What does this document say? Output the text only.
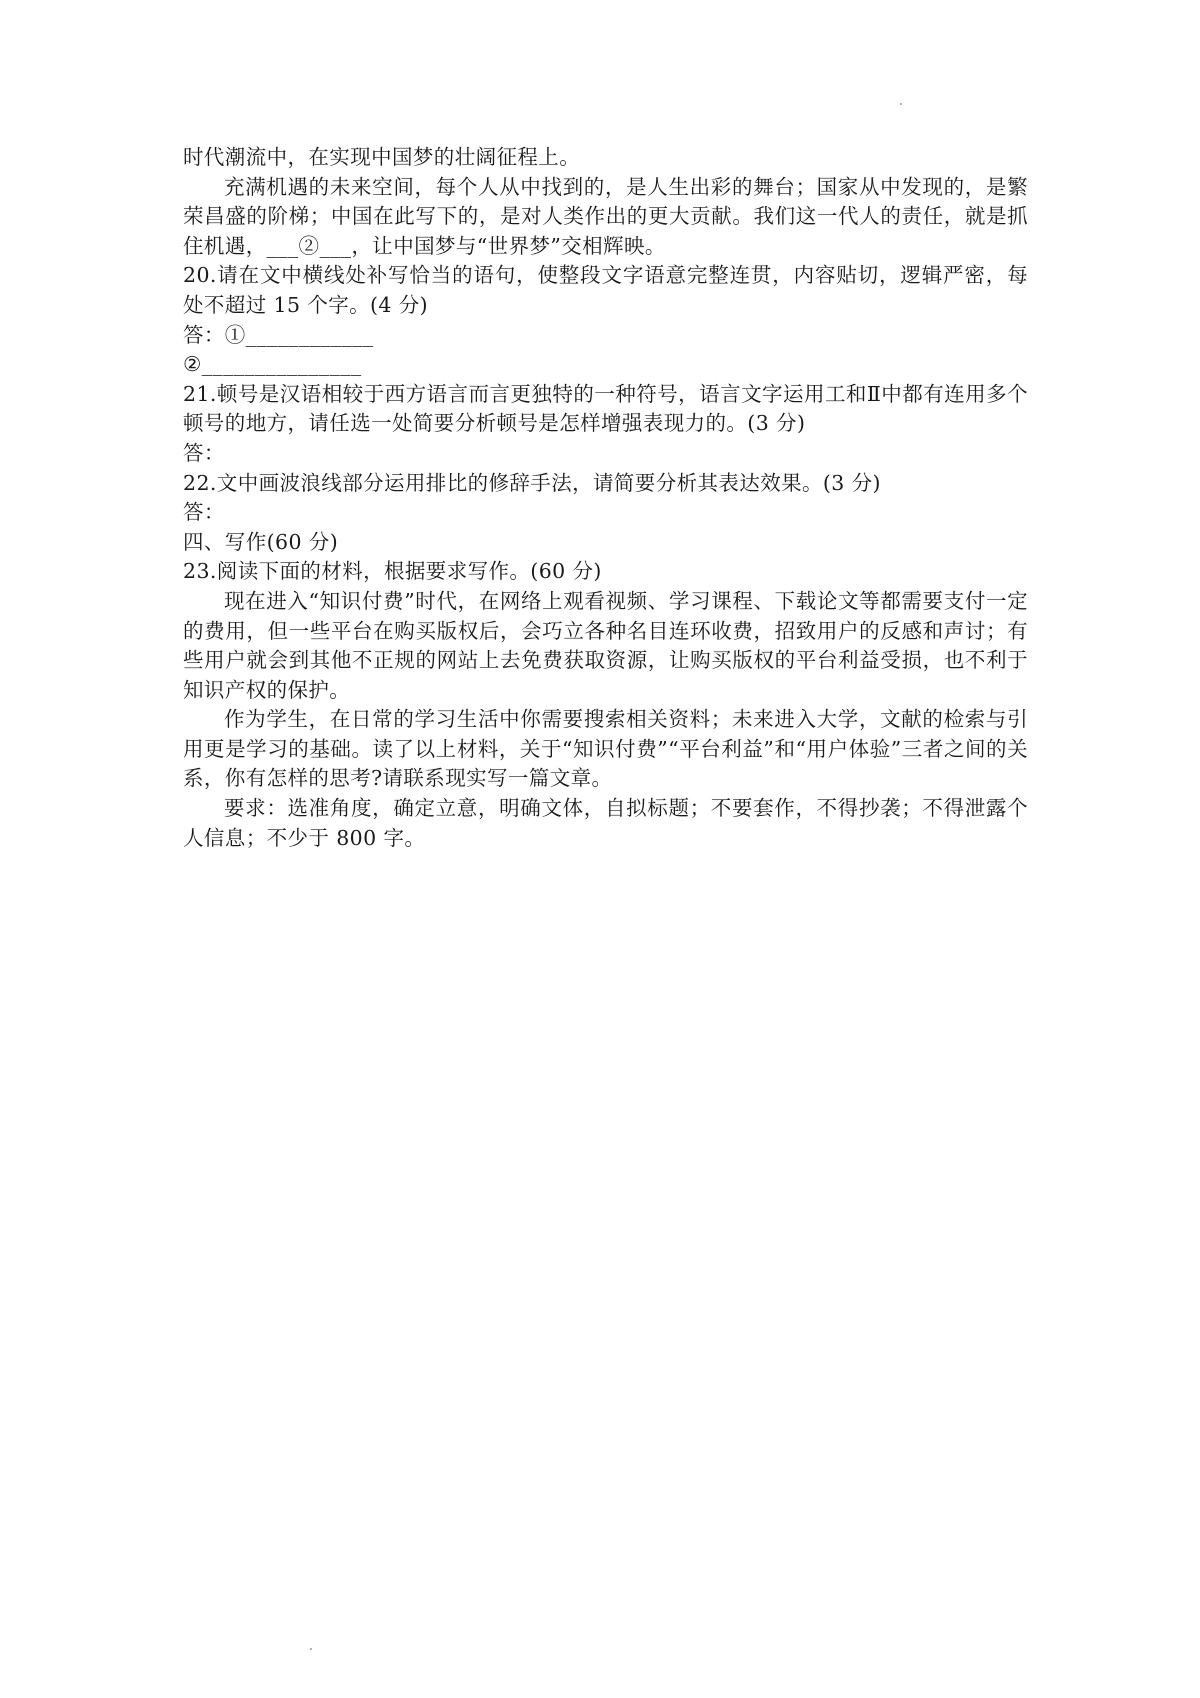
时代潮流中，在实现中国梦的壮阔征程上。

充满机遇的未来空间，每个人从中找到的，是人生出彩的舞台；国家从中发现的，是繁荣昌盛的阶梯；中国在此写下的，是对人类作出的更大贡献。我们这一代人的责任，就是抓住机遇，___②___，让中国梦与“世界梦”交相辉映。

20.请在文中横线处补写恰当的语句，使整段文字语意完整连贯，内容贴切，逻辑严密，每处不超过 15 个字。(4 分)

答：①____________

②_______________

21.顿号是汉语相较于西方语言而言更独特的一种符号，语言文字运用工和Ⅱ中都有连用多个顿号的地方，请任选一处简要分析顿号是怎样增强表现力的。(3 分)

答：

22.文中画波浪线部分运用排比的修辞手法，请简要分析其表达效果。(3 分)

答：

四、写作(60 分)

23.阅读下面的材料，根据要求写作。(60 分)

现在进入“知识付费”时代，在网络上观看视频、学习课程、下载论文等都需要支付一定的费用，但一些平台在购买版权后，会巧立各种名目连环收费，招致用户的反感和声讨；有些用户就会到其他不正规的网站上去免费获取资源，让购买版权的平台利益受损，也不利于知识产权的保护。

作为学生，在日常的学习生活中你需要搜索相关资料；未来进入大学，文献的检索与引用更是学习的基础。读了以上材料，关于“知识付费”“平台利益”和“用户体验”三者之间的关系，你有怎样的思考?请联系现实写一篇文章。

要求：选准角度，确定立意，明确文体，自拟标题；不要套作，不得抄袭；不得泄露个人信息；不少于 800 字。
